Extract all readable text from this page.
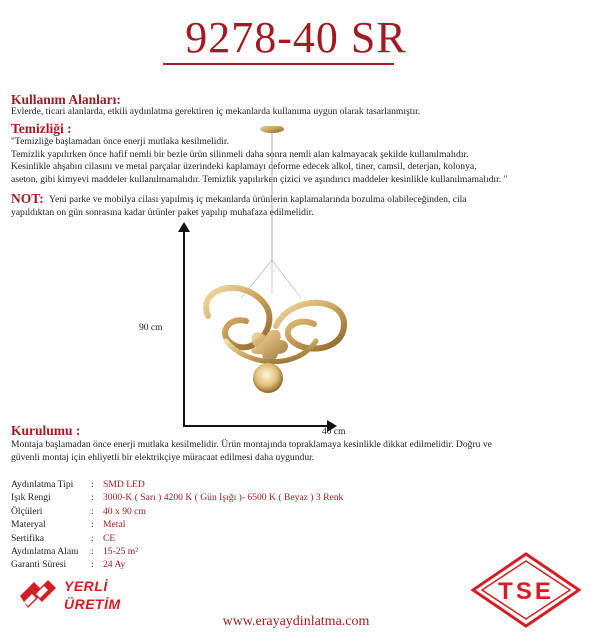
9278-40 SR
Kullanım Alanları:
Evlerde, ticari alanlarda, etkili aydınlatma gerektiren iç mekanlarda kullanıma uygun olarak tasarlanmıştır.
Temizliği :
"Temizliğe başlamadan önce enerji mutlaka kesilmelidir.
Temizlik yapılırken önce hafif nemli bir bezle ürün silinmeli daha sonra nemli alan kalmayacak şekilde kullanılmalıdır.
Kesinlikle ahşabın cilasını ve metal parçalar üzerindeki kaplamayı deforme edecek alkol, tiner, camsil, deterjan, kolonya,
aseton, gibi kimyevi maddeler kullanılmamalıdır. Temizlik yapılırken çizici ve aşındırıcı maddeler kesinlikle kullanılmamalıdır. "
NOT: Yeni parke ve mobilya cilası yapılmış iç mekanlarda ürünlerin kaplamalarında bozulma olabileceğinden, cila
yapıldıktan on gün sonrasına kadar ürünler paket yapılıp muhafaza edilmelidir.
90 cm
40 cm
Kurulumu :
Montaja başlamadan önce enerji mutlaka kesilmelidir. Ürün montajında topraklamaya kesinlikle dikkat edilmelidir. Doğru ve
güvenli montaj için ehliyetli bir elektrikçiye müracaat edilmesi daha uygundur.
Aydınlatma Tipi	: SMD LED
Işık Rengi	: 3000-K ( Sarı ) 4200 K ( Gün Işığı )- 6500 K ( Beyaz ) 3 Renk
Ölçüleri	: 40 x 90 cm
Materyal	: Metal
Sertifika	: CE
Aydınlatma Alanı	: 15-25 m²
Garanti Süresi	: 24 Ay
YERLİ
ÜRETİM	TSE
www.erayaydinlatma.com
